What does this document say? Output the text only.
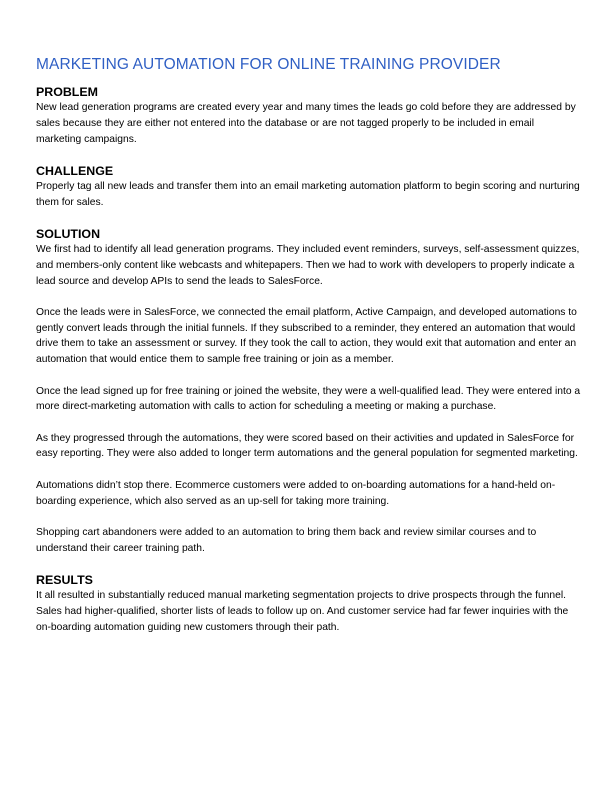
MARKETING AUTOMATION FOR ONLINE TRAINING PROVIDER
PROBLEM

New lead generation programs are created every year and many times the leads go cold before they are addressed by sales because they are either not entered into the database or are not tagged properly to be included in email marketing campaigns.

CHALLENGE

Properly tag all new leads and transfer them into an email marketing automation platform to begin scoring and nurturing them for sales.

SOLUTION

We first had to identify all lead generation programs. They included event reminders, surveys, self-assessment quizzes, and members-only content like webcasts and whitepapers. Then we had to work with developers to properly indicate a lead source and develop APIs to send the leads to SalesForce.

Once the leads were in SalesForce, we connected the email platform, Active Campaign, and developed automations to gently convert leads through the initial funnels. If they subscribed to a reminder, they entered an automation that would drive them to take an assessment or survey. If they took the call to action, they would exit that automation and enter an automation that would entice them to sample free training or join as a member.

Once the lead signed up for free training or joined the website, they were a well-qualified lead. They were entered into a more direct-marketing automation with calls to action for scheduling a meeting or making a purchase.

As they progressed through the automations, they were scored based on their activities and updated in SalesForce for easy reporting. They were also added to longer term automations and the general population for segmented marketing.

Automations didn’t stop there. Ecommerce customers were added to on-boarding automations for a hand-held on-boarding experience, which also served as an up-sell for taking more training.

Shopping cart abandoners were added to an automation to bring them back and review similar courses and to understand their career training path.

RESULTS

It all resulted in substantially reduced manual marketing segmentation projects to drive prospects through the funnel. Sales had higher-qualified, shorter lists of leads to follow up on. And customer service had far fewer inquiries with the on-boarding automation guiding new customers through their path.
